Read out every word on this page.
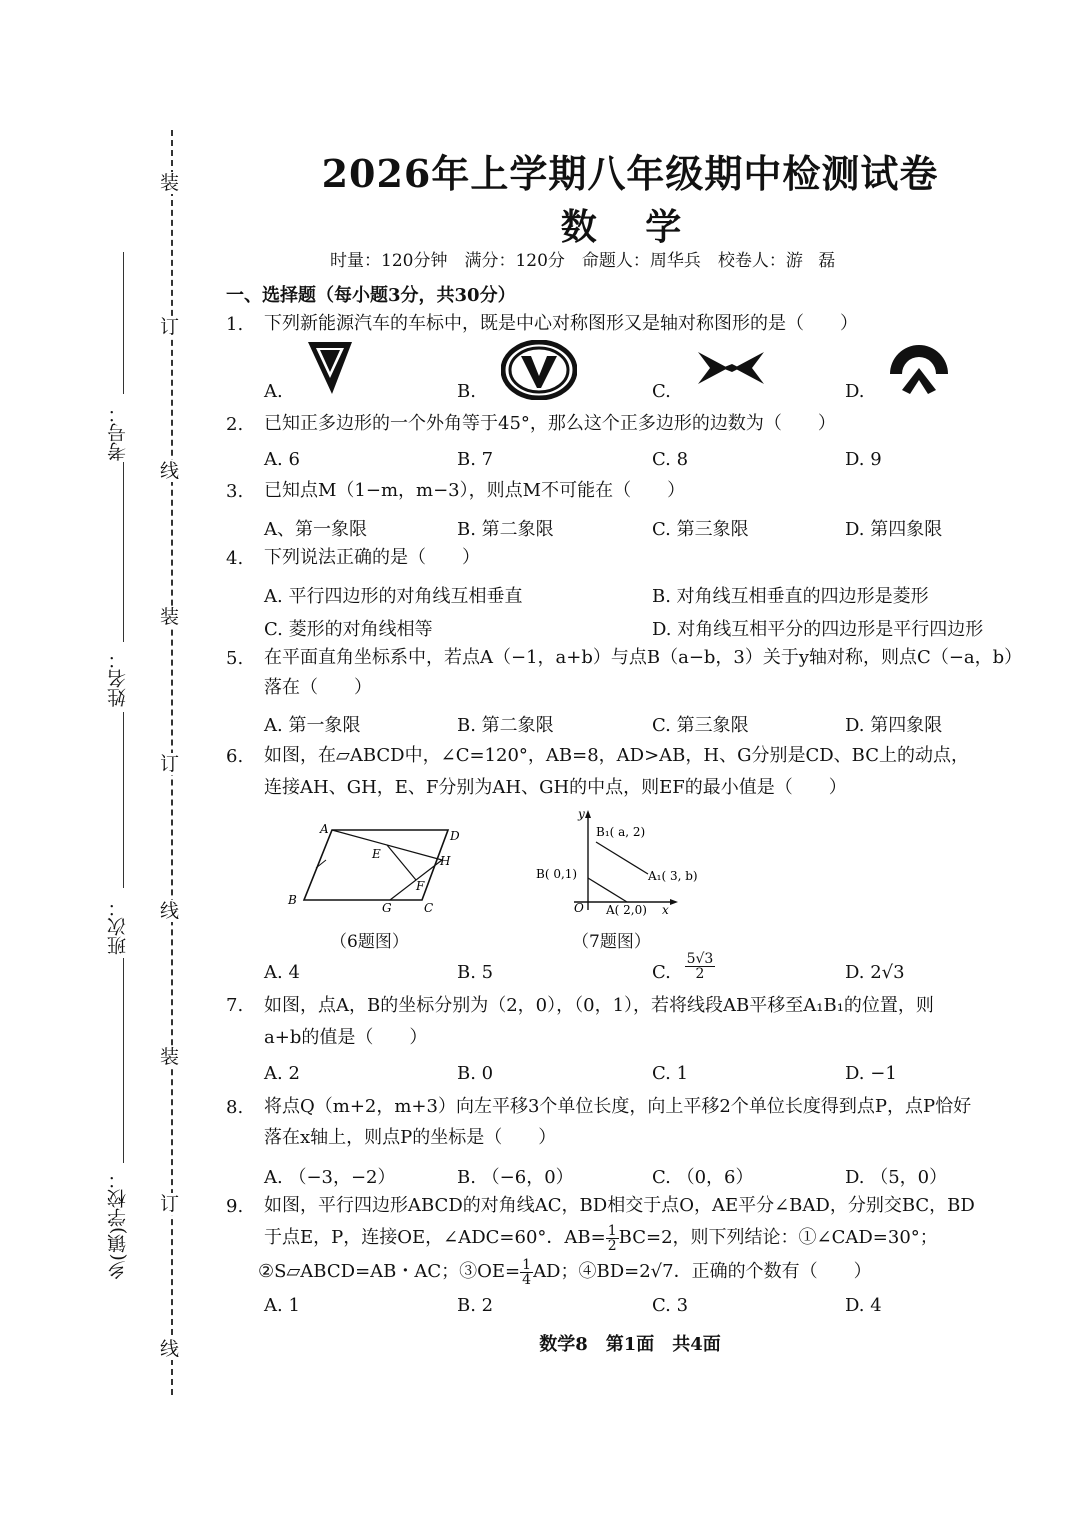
装
订
线
装
订
线
装
订
线
考号：
姓名：
班次：
乡(镇)学校：
2026年上学期八年级期中检测试卷
数 学
时量：120分钟　满分：120分　命题人：周华兵　校卷人：游 磊
一、选择题（每小题3分，共30分）
1. 下列新能源汽车的车标中，既是中心对称图形又是轴对称图形的是（　　）
A.	B.	C.	D.
2. 已知正多边形的一个外角等于45°，那么这个正多边形的边数为（　　）
A. 6	B. 7	C. 8	D. 9
3. 已知点M（1−m，m−3），则点M不可能在（　　）
A、第一象限	B. 第二象限	C. 第三象限	D. 第四象限
4. 下列说法正确的是（　　）
A. 平行四边形的对角线互相垂直	B. 对角线互相垂直的四边形是菱形
C. 菱形的对角线相等	D. 对角线互相平分的四边形是平行四边形
5. 在平面直角坐标系中，若点A（−1，a+b）与点B（a−b，3）关于y轴对称，则点C（−a，b）
落在（　　）
A. 第一象限	B. 第二象限	C. 第三象限	D. 第四象限
6. 如图，在▱ABCD中，∠C=120°，AB=8，AD>AB，H、G分别是CD、BC上的动点，
连接AH、GH，E、F分别为AH、GH的中点，则EF的最小值是（　　）
A	D
B
C
E
F
G
H
（6题图）
y
x
O
B₁( a, 2)
A₁( 3, b)
B( 0,1)
A( 2,0)
（7题图）
A. 4	B. 5	C. $\frac{5√3}{2}$	D. 2√3
7. 如图，点A，B的坐标分别为（2，0），（0，1），若将线段AB平移至A₁B₁的位置，则
a+b的值是（　　）
A. 2	B. 0	C. 1	D. −1
8. 将点Q（m+2，m+3）向左平移3个单位长度，向上平移2个单位长度得到点P，点P恰好
落在x轴上，则点P的坐标是（　　）
A. （−3，−2）	B. （−6，0）	C. （0，6）	D. （5，0）
9. 如图，平行四边形ABCD的对角线AC，BD相交于点O，AE平分∠BAD，分别交BC，BD
于点E，P，连接OE，∠ADC=60°．$AB= \frac{1}{2} BC=2$，则下列结论：①∠CAD=30°；
②S▱ABCD=AB・AC；③OE= $\frac{1}{4}$ AD；④BD=2√7．正确的个数有（　　）
A. 1	B. 2	C. 3	D. 4
数学8　第1面　共4面
